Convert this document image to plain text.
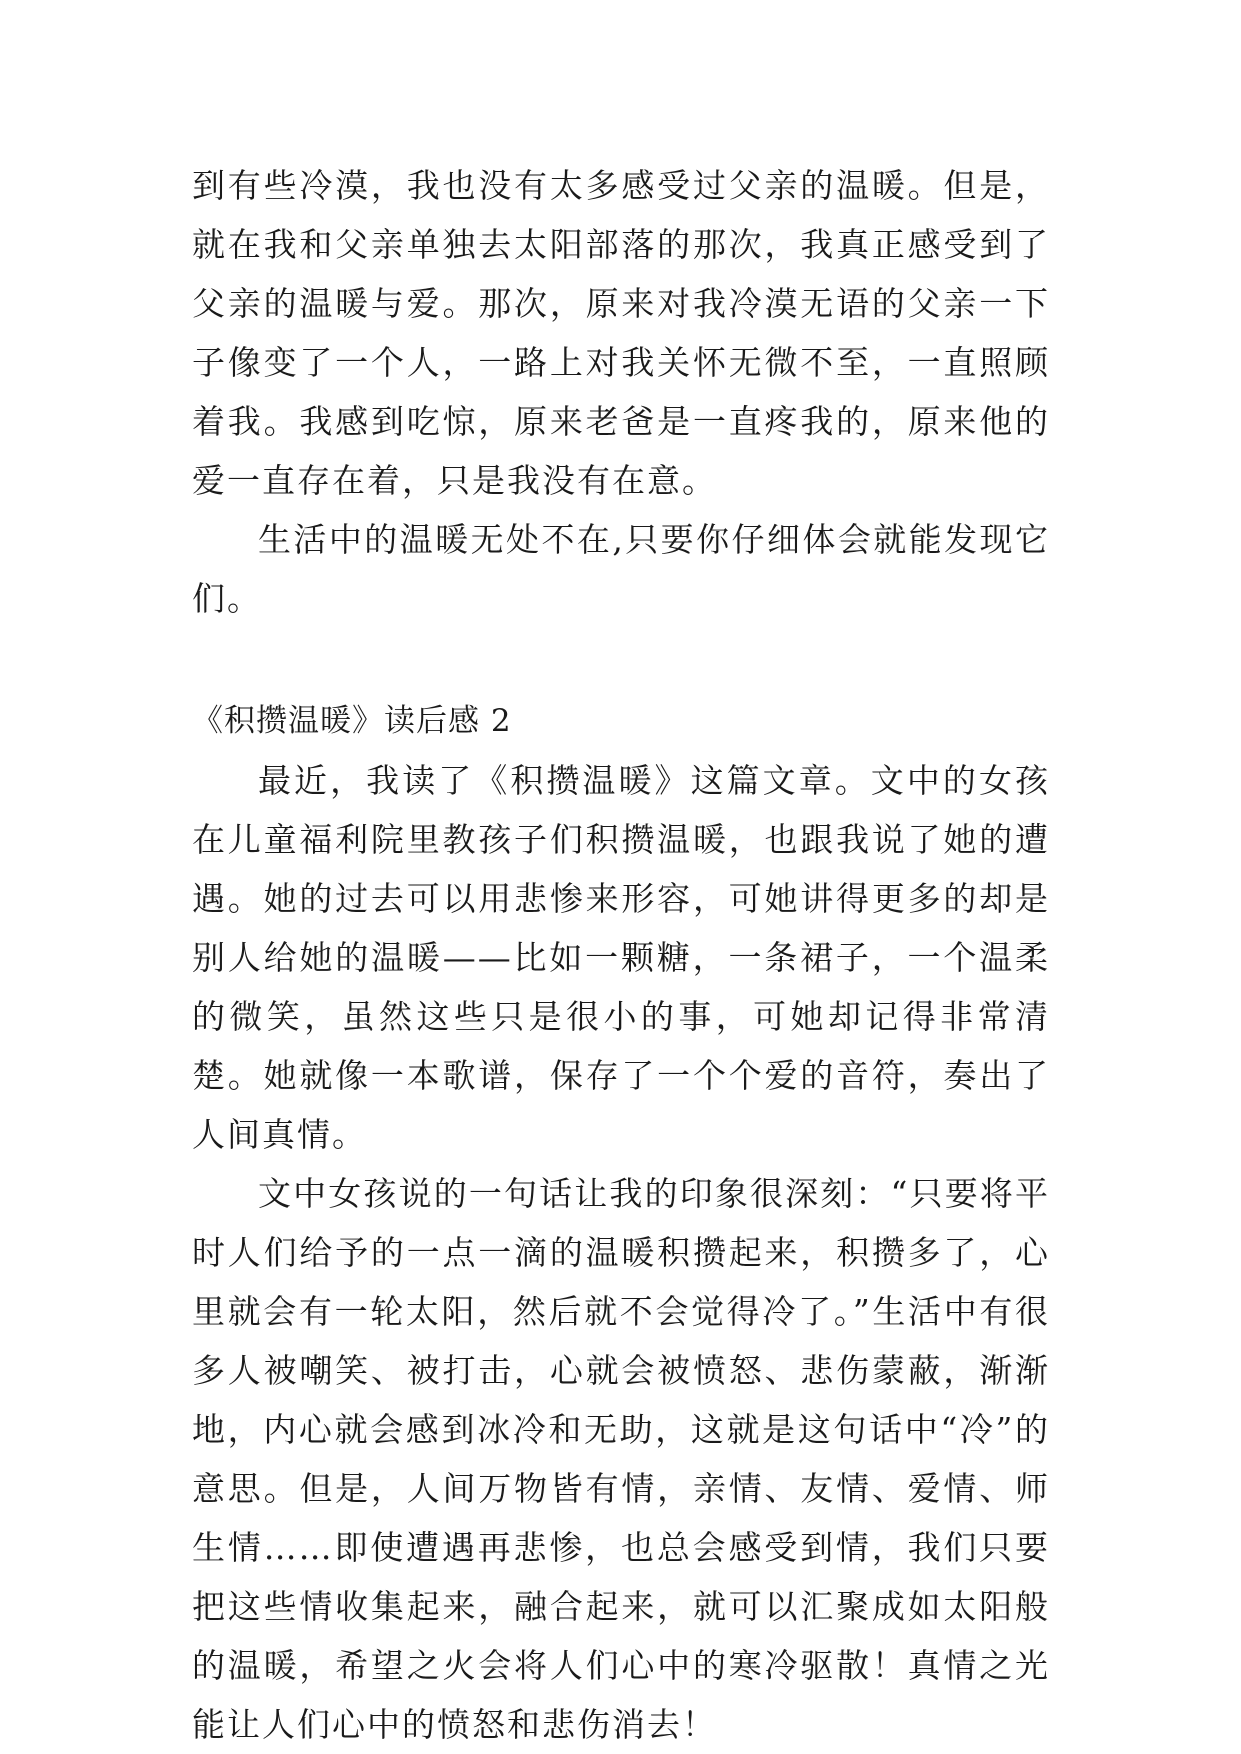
到有些冷漠，我也没有太多感受过父亲的温暖。但是，就在我和父亲单独去太阳部落的那次，我真正感受到了父亲的温暖与爱。那次，原来对我冷漠无语的父亲一下子像变了一个人，一路上对我关怀无微不至，一直照顾着我。我感到吃惊，原来老爸是一直疼我的，原来他的爱一直存在着，只是我没有在意。

生活中的温暖无处不在,只要你仔细体会就能发现它们。

《积攒温暖》读后感 2

最近，我读了《积攒温暖》这篇文章。文中的女孩在儿童福利院里教孩子们积攒温暖，也跟我说了她的遭遇。她的过去可以用悲惨来形容，可她讲得更多的却是别人给她的温暖——比如一颗糖，一条裙子，一个温柔的微笑，虽然这些只是很小的事，可她却记得非常清楚。她就像一本歌谱，保存了一个个爱的音符，奏出了人间真情。

文中女孩说的一句话让我的印象很深刻：“只要将平时人们给予的一点一滴的温暖积攒起来，积攒多了，心里就会有一轮太阳，然后就不会觉得冷了。”生活中有很多人被嘲笑、被打击，心就会被愤怒、悲伤蒙蔽，渐渐地，内心就会感到冰冷和无助，这就是这句话中“冷”的意思。但是，人间万物皆有情，亲情、友情、爱情、师生情……即使遭遇再悲惨，也总会感受到情，我们只要把这些情收集起来，融合起来，就可以汇聚成如太阳般的温暖，希望之火会将人们心中的寒冷驱散！真情之光能让人们心中的愤怒和悲伤消去！
